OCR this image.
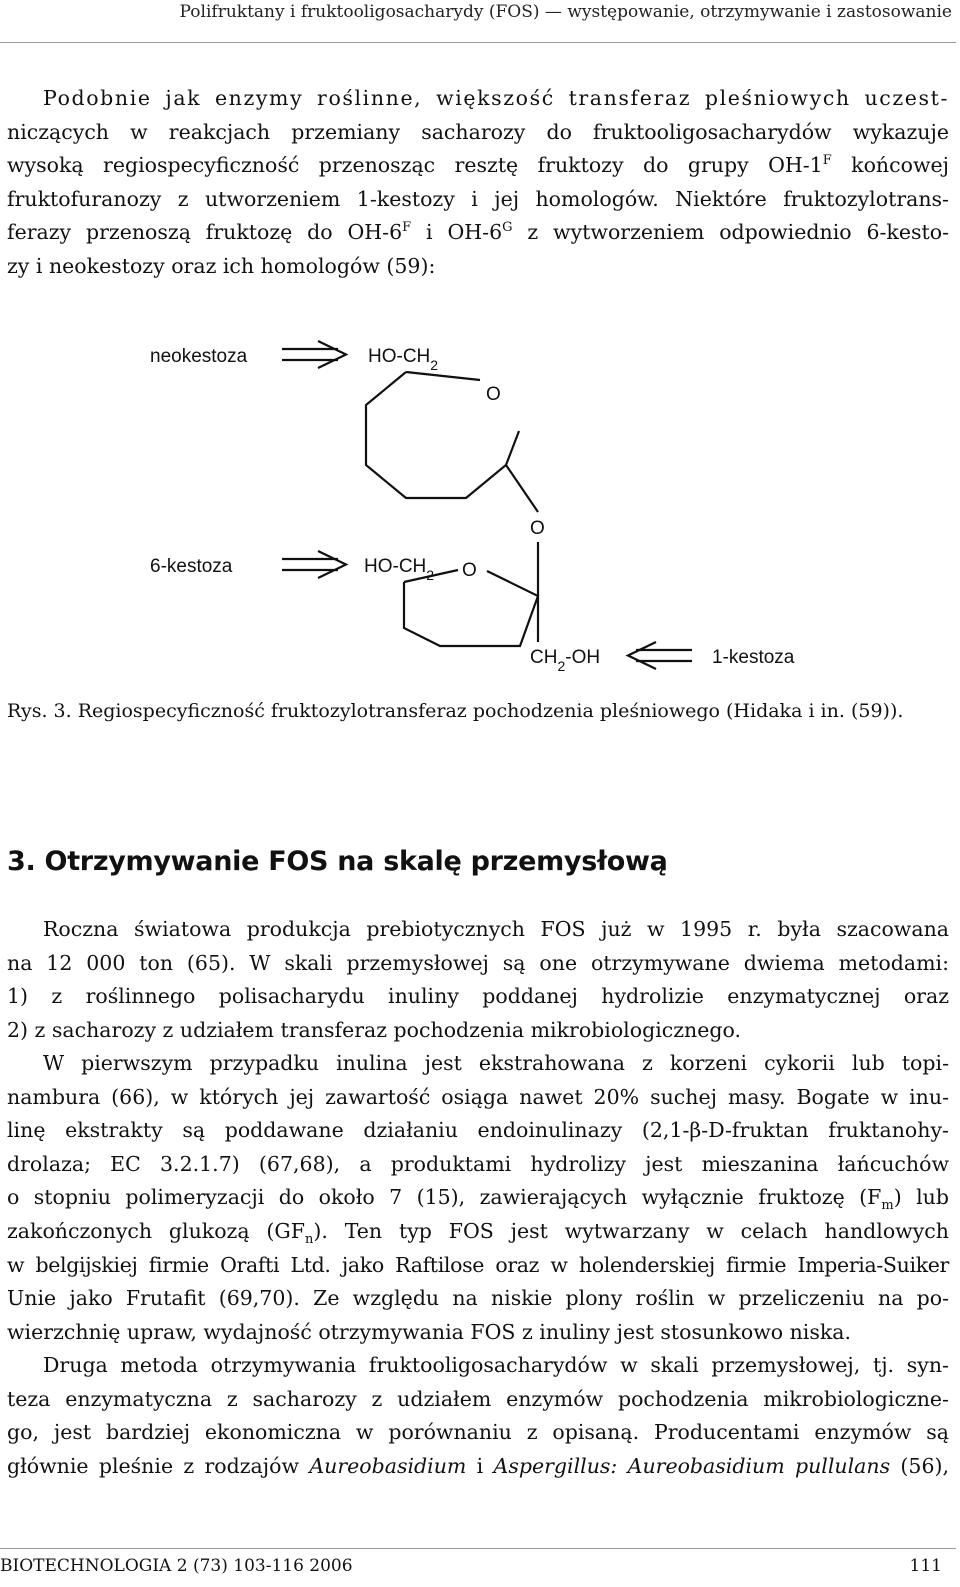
Polifruktany i fruktooligosacharydy (FOS) — występowanie, otrzymywanie i zastosowanie
Podobnie jak enzymy roślinne, większość transferaz pleśniowych uczest-
niczących w reakcjach przemiany sacharozy do fruktooligosacharydów wykazuje
wysoką regiospecyficzność przenosząc resztę fruktozy do grupy $OH-1^F$ końcowej
fruktofuranozy z utworzeniem 1-kestozy i jej homologów. Niektóre fruktozylotrans-
ferazy przenoszą fruktozę do $OH-6^F$ i $OH-6^G$ z wytworzeniem odpowiednio 6-kesto-
zy i neokestozy oraz ich homologów (59):
neokestoza
6-kestoza
$HO-CH_2$
O
O
$HO-CH_2$ O
$CH_2-OH$	1-kestoza
Rys. 3. Regiospecyficzność fruktozylotransferaz pochodzenia pleśniowego (Hidaka i in. (59)).
3. Otrzymywanie FOS na skalę przemysłową
Roczna światowa produkcja prebiotycznych FOS już w 1995 r. była szacowana
na 12 000 ton (65). W skali przemysłowej są one otrzymywane dwiema metodami:
1) z roślinnego polisacharydu inuliny poddanej hydrolizie enzymatycznej oraz
2) z sacharozy z udziałem transferaz pochodzenia mikrobiologicznego.
W pierwszym przypadku inulina jest ekstrahowana z korzeni cykorii lub topi-
nambura (66), w których jej zawartość osiąga nawet 20% suchej masy. Bogate w inu-
linę ekstrakty są poddawane działaniu endoinulinazy (2,1-β-D-fruktan fruktanohy-
drolaza; EC 3.2.1.7) (67,68), a produktami hydrolizy jest mieszanina łańcuchów
o stopniu polimeryzacji do około 7 (15), zawierających wyłącznie fruktozę $(F_m)$ lub
zakończonych glukozą $(GF_n)$. Ten typ FOS jest wytwarzany w celach handlowych
w belgijskiej firmie Orafti Ltd. jako Raftilose oraz w holenderskiej firmie Imperia-Suiker
Unie jako Frutafit (69,70). Ze względu na niskie plony roślin w przeliczeniu na po-
wierzchnię upraw, wydajność otrzymywania FOS z inuliny jest stosunkowo niska.
Druga metoda otrzymywania fruktooligosacharydów w skali przemysłowej, tj. syn-
teza enzymatyczna z sacharozy z udziałem enzymów pochodzenia mikrobiologiczne-
go, jest bardziej ekonomiczna w porównaniu z opisaną. Producentami enzymów są
głównie pleśnie z rodzajów Aureobasidium i Aspergillus: Aureobasidium pullulans (56),
BIOTECHNOLOGIA 2 (73) 103-116 2006	111
